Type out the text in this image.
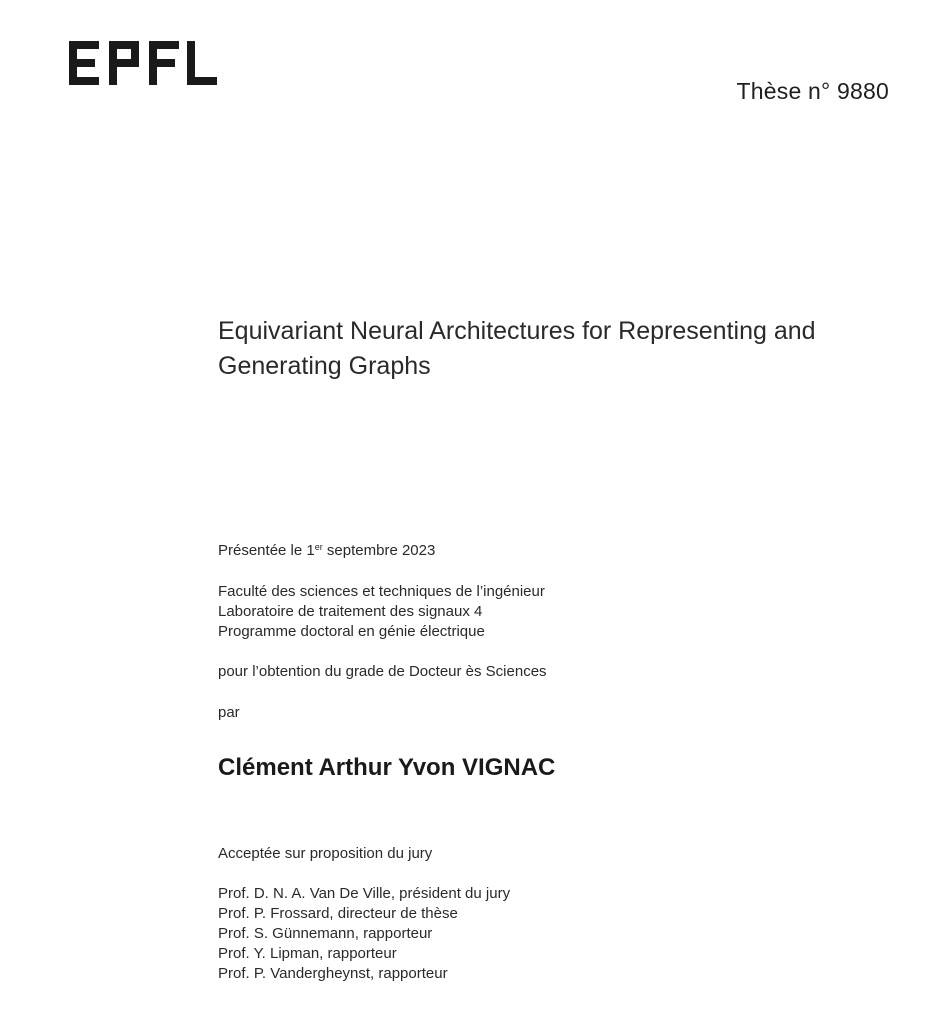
Thèse n° 9880
Equivariant Neural Architectures for Representing and Generating Graphs
Présentée le 1er septembre 2023
Faculté des sciences et techniques de l’ingénieur
Laboratoire de traitement des signaux 4
Programme doctoral en génie électrique
pour l’obtention du grade de Docteur ès Sciences
par
Clément Arthur Yvon VIGNAC
Acceptée sur proposition du jury
Prof. D. N. A. Van De Ville, président du jury
Prof. P. Frossard, directeur de thèse
Prof. S. Günnemann, rapporteur
Prof. Y. Lipman, rapporteur
Prof. P. Vandergheynst, rapporteur
